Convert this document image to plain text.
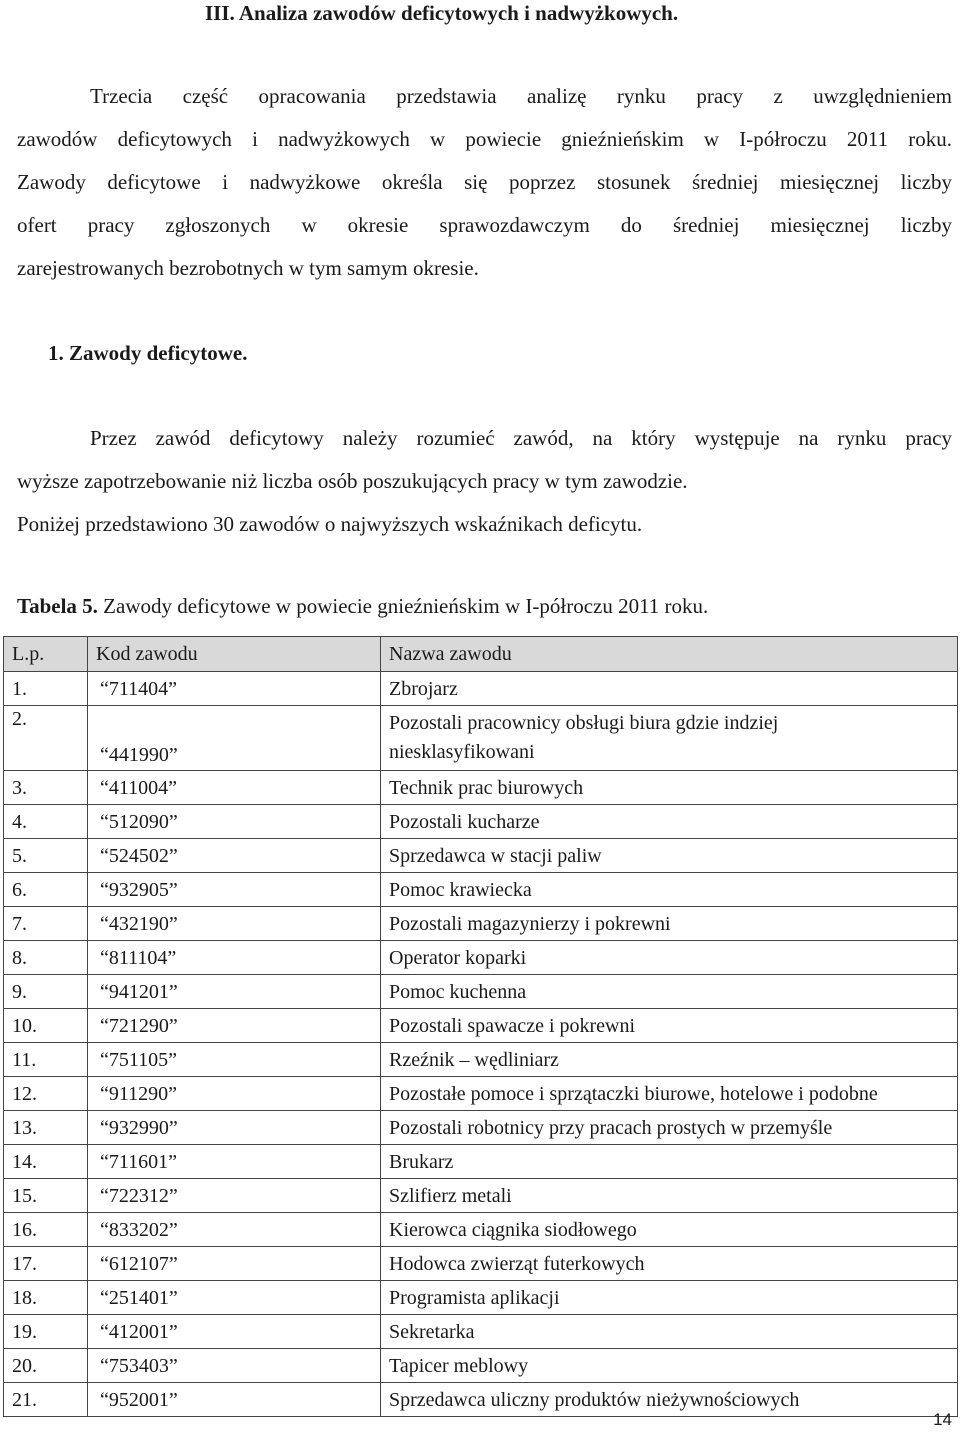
III. Analiza zawodów deficytowych i nadwyżkowych.

Trzecia część opracowania przedstawia analizę rynku pracy z uwzględnieniem
zawodów deficytowych i nadwyżkowych w powiecie gnieźnieńskim w I-półroczu 2011 roku.
Zawody deficytowe i nadwyżkowe określa się poprzez stosunek średniej miesięcznej liczby
ofert pracy zgłoszonych w okresie sprawozdawczym do średniej miesięcznej liczby
zarejestrowanych bezrobotnych w tym samym okresie.

1. Zawody deficytowe.

Przez zawód deficytowy należy rozumieć zawód, na który występuje na rynku pracy
wyższe zapotrzebowanie niż liczba osób poszukujących pracy w tym zawodzie.
Poniżej przedstawiono 30 zawodów o najwyższych wskaźnikach deficytu.

Tabela 5. Zawody deficytowe w powiecie gnieźnieńskim w I-półroczu 2011 roku.

L.p.	Kod zawodu	Nazwa zawodu
1.	“711404”	Zbrojarz
2.	“441990”	Pozostali pracownicy obsługi biura gdzie indziej
niesklasyfikowani
3.	“411004”	Technik prac biurowych
4.	“512090”	Pozostali kucharze
5.	“524502”	Sprzedawca w stacji paliw
6.	“932905”	Pomoc krawiecka
7.	“432190”	Pozostali magazynierzy i pokrewni
8.	“811104”	Operator koparki
9.	“941201”	Pomoc kuchenna
10.	“721290”	Pozostali spawacze i pokrewni
11.	“751105”	Rzeźnik – wędliniarz
12.	“911290”	Pozostałe pomoce i sprzątaczki biurowe, hotelowe i podobne
13.	“932990”	Pozostali robotnicy przy pracach prostych w przemyśle
14.	“711601”	Brukarz
15.	“722312”	Szlifierz metali
16.	“833202”	Kierowca ciągnika siodłowego
17.	“612107”	Hodowca zwierząt futerkowych
18.	“251401”	Programista aplikacji
19.	“412001”	Sekretarka
20.	“753403”	Tapicer meblowy
21.	“952001”	Sprzedawca uliczny produktów nieżywnościowych

14
